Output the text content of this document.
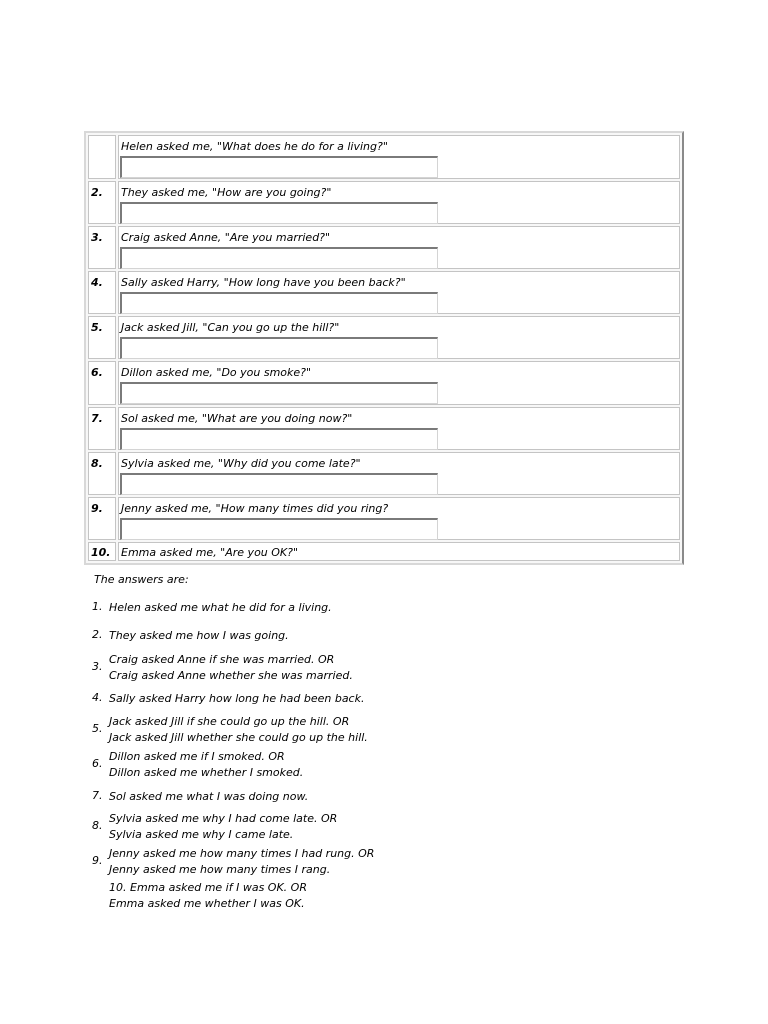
Helen asked me, "What does he do for a living?"
2. They asked me, "How are you going?"
3. Craig asked Anne, "Are you married?"
4. Sally asked Harry, "How long have you been back?"
5. Jack asked Jill, "Can you go up the hill?"
6. Dillon asked me, "Do you smoke?"
7. Sol asked me, "What are you doing now?"
8. Sylvia asked me, "Why did you come late?"
9. Jenny asked me, "How many times did you ring?
10. Emma asked me, "Are you OK?"
The answers are:
1. Helen asked me what he did for a living.
2. They asked me how I was going.
3.
Craig asked Anne if she was married. OR
Craig asked Anne whether she was married.
4. Sally asked Harry how long he had been back.
5.
Jack asked Jill if she could go up the hill. OR
Jack asked Jill whether she could go up the hill.
6.
Dillon asked me if I smoked. OR
Dillon asked me whether I smoked.
7. Sol asked me what I was doing now.
8.
Sylvia asked me why I had come late. OR
Sylvia asked me why I came late.
9.
Jenny asked me how many times I had rung. OR
Jenny asked me how many times I rang.
10. Emma asked me if I was OK. OR
Emma asked me whether I was OK.
